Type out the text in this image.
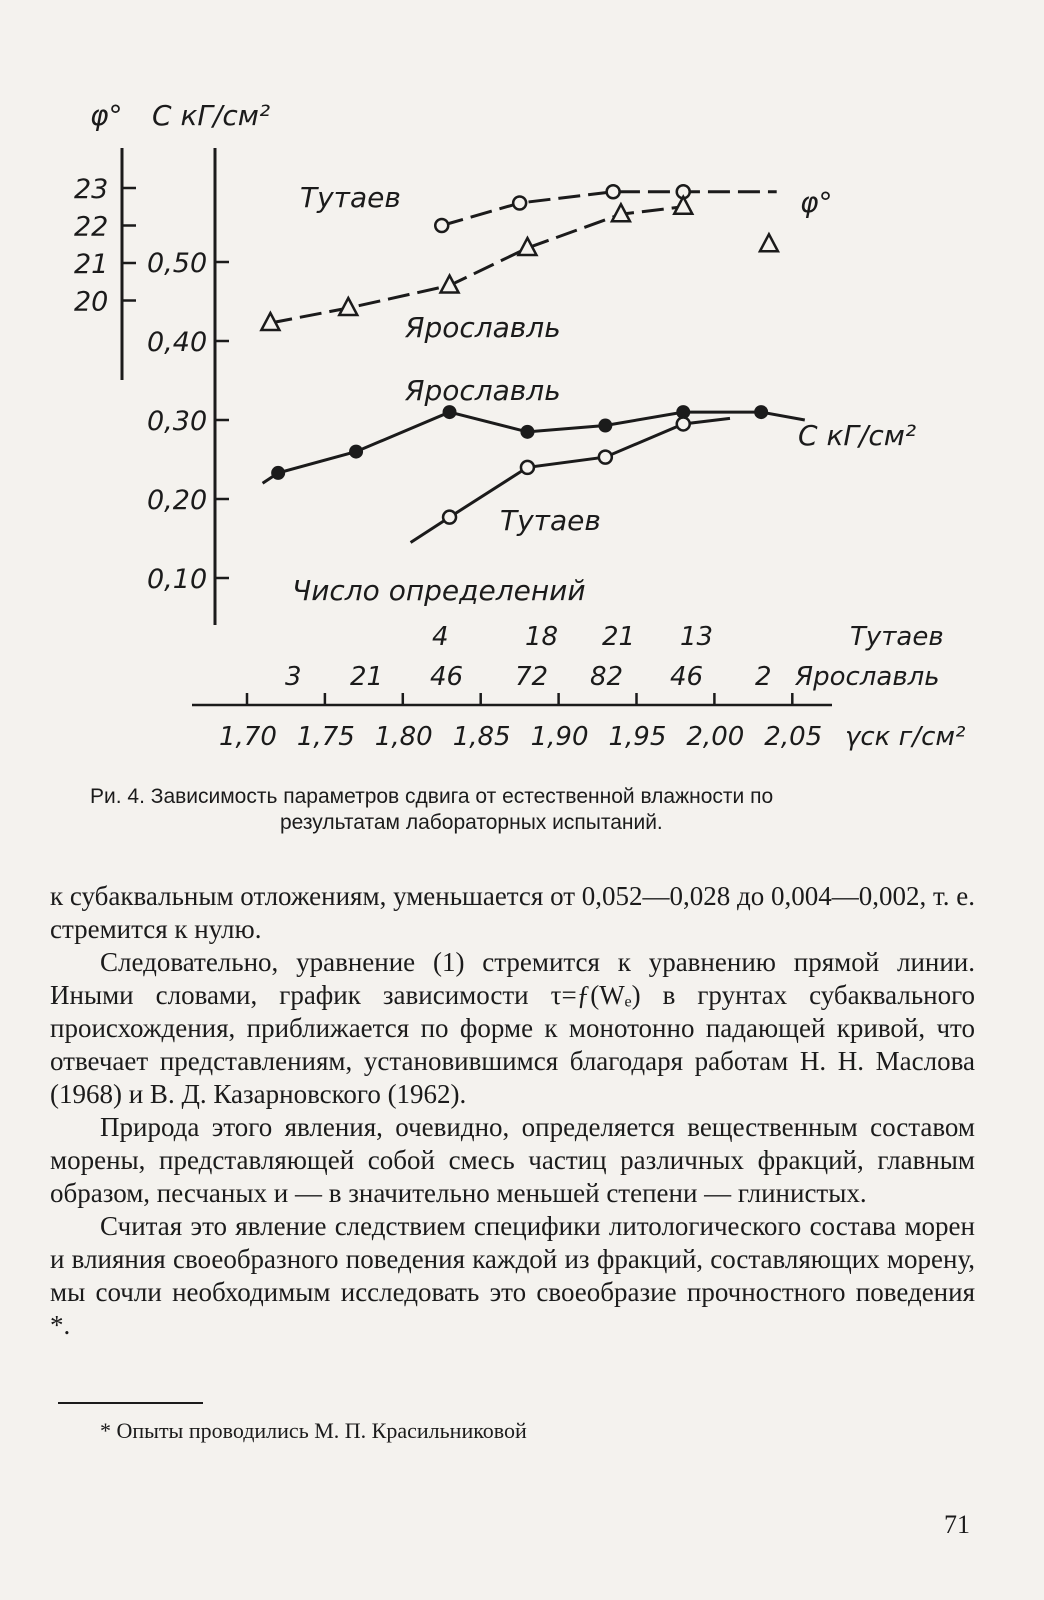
φ° С кГ/см²
23
22
21
20
0,50
0,40
0,30
0,20
0,10
Тутаев
Ярославль
Ярославль
Тутаев
φ°
С кГ/см²
Число определений
4	18 21 13
3 21 46 72 82 46 2
Тутаев
Ярославль
1,70 1,75 1,80 1,85 1,90 1,95 2,00 2,05 γск г/см²
Ри. 4. Зависимость параметров сдвига от естественной влажности по
результатам лабораторных испытаний.

к субаквальным отложениям, уменьшается от 0,052—0,028 до 0,004—0,002, т. е. стремится к нулю.

Следовательно, уравнение (1) стремится к уравнению прямой линии. Иными словами, график зависимости τ=ƒ(Wₑ) в грунтах субаквального происхождения, приближается по форме к монотонно падающей кривой, что отвечает представлениям, установившимся благодаря работам Н. Н. Маслова (1968) и В. Д. Казарновского (1962).

Природа этого явления, очевидно, определяется вещественным составом морены, представляющей собой смесь частиц различных фракций, главным образом, песчаных и — в значительно меньшей степени — глинистых.

Считая это явление следствием специфики литологического состава морен и влияния своеобразного поведения каждой из фракций, составляющих морену, мы сочли необходимым исследовать это своеобразие прочностного поведения *.

* Опыты проводились М. П. Красильниковой
71
